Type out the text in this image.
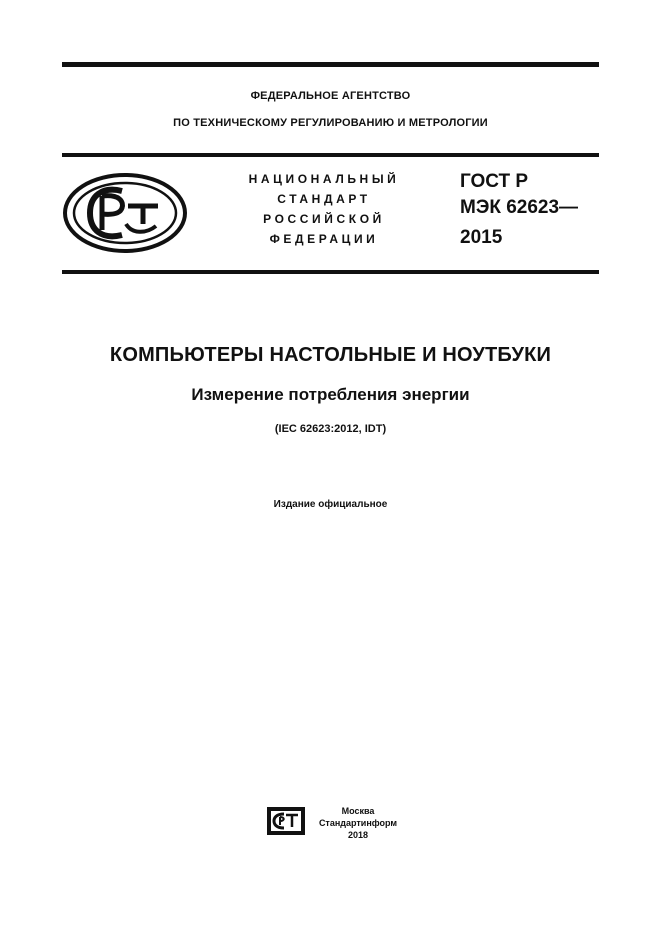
ФЕДЕРАЛЬНОЕ АГЕНТСТВО
ПО ТЕХНИЧЕСКОМУ РЕГУЛИРОВАНИЮ И МЕТРОЛОГИИ
НАЦИОНАЛЬНЫЙ
СТАНДАРТ
РОССИЙСКОЙ
ФЕДЕРАЦИИ
ГОСТ Р
МЭК 62623—
2015
КОМПЬЮТЕРЫ НАСТОЛЬНЫЕ И НОУТБУКИ
Измерение потребления энергии
(IEC 62623:2012, IDT)
Издание официальное
Москва
Стандартинформ
2018
